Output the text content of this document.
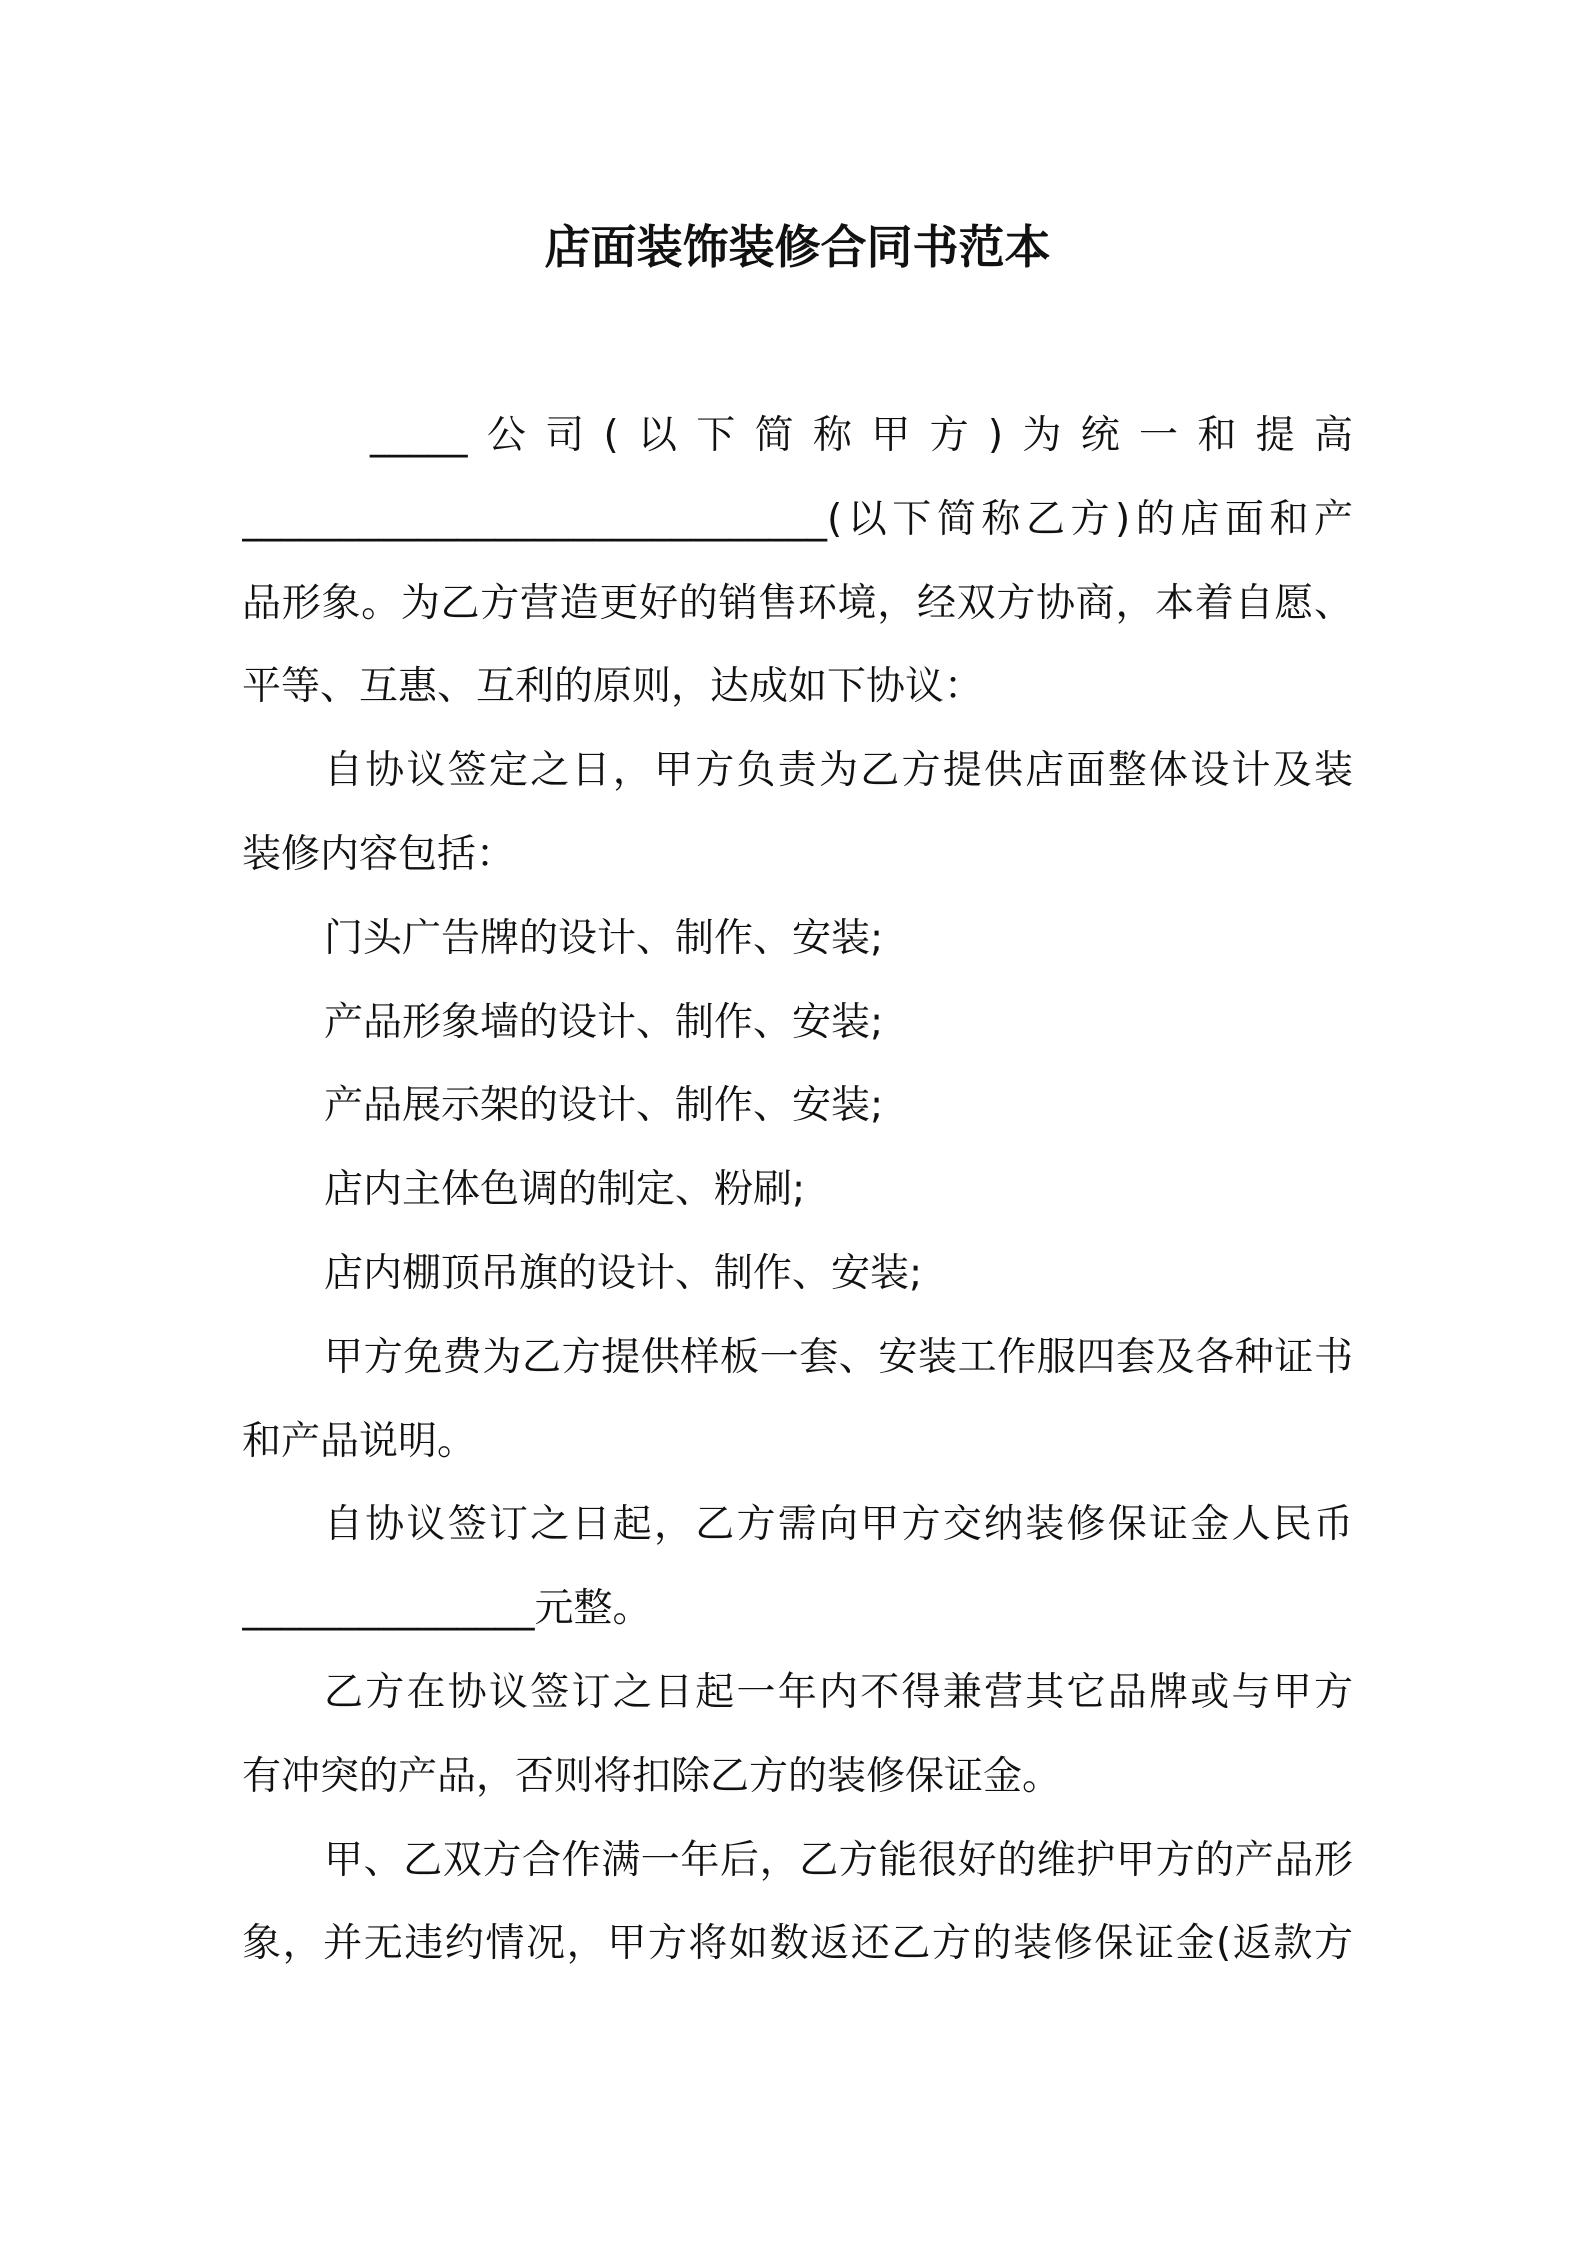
店面装饰装修合同书范本
_____公司(以下简称甲方)为统一和提高
______________________________(以下简称乙方)的店面和产
品形象。为乙方营造更好的销售环境，经双方协商，本着自愿、
平等、互惠、互利的原则，达成如下协议：
自协议签定之日，甲方负责为乙方提供店面整体设计及装
装修内容包括：
门头广告牌的设计、制作、安装;
产品形象墙的设计、制作、安装;
产品展示架的设计、制作、安装;
店内主体色调的制定、粉刷;
店内棚顶吊旗的设计、制作、安装;
甲方免费为乙方提供样板一套、安装工作服四套及各种证书
和产品说明。
自协议签订之日起，乙方需向甲方交纳装修保证金人民币
_______________元整。
乙方在协议签订之日起一年内不得兼营其它品牌或与甲方
有冲突的产品，否则将扣除乙方的装修保证金。
甲、乙双方合作满一年后，乙方能很好的维护甲方的产品形
象，并无违约情况，甲方将如数返还乙方的装修保证金(返款方
